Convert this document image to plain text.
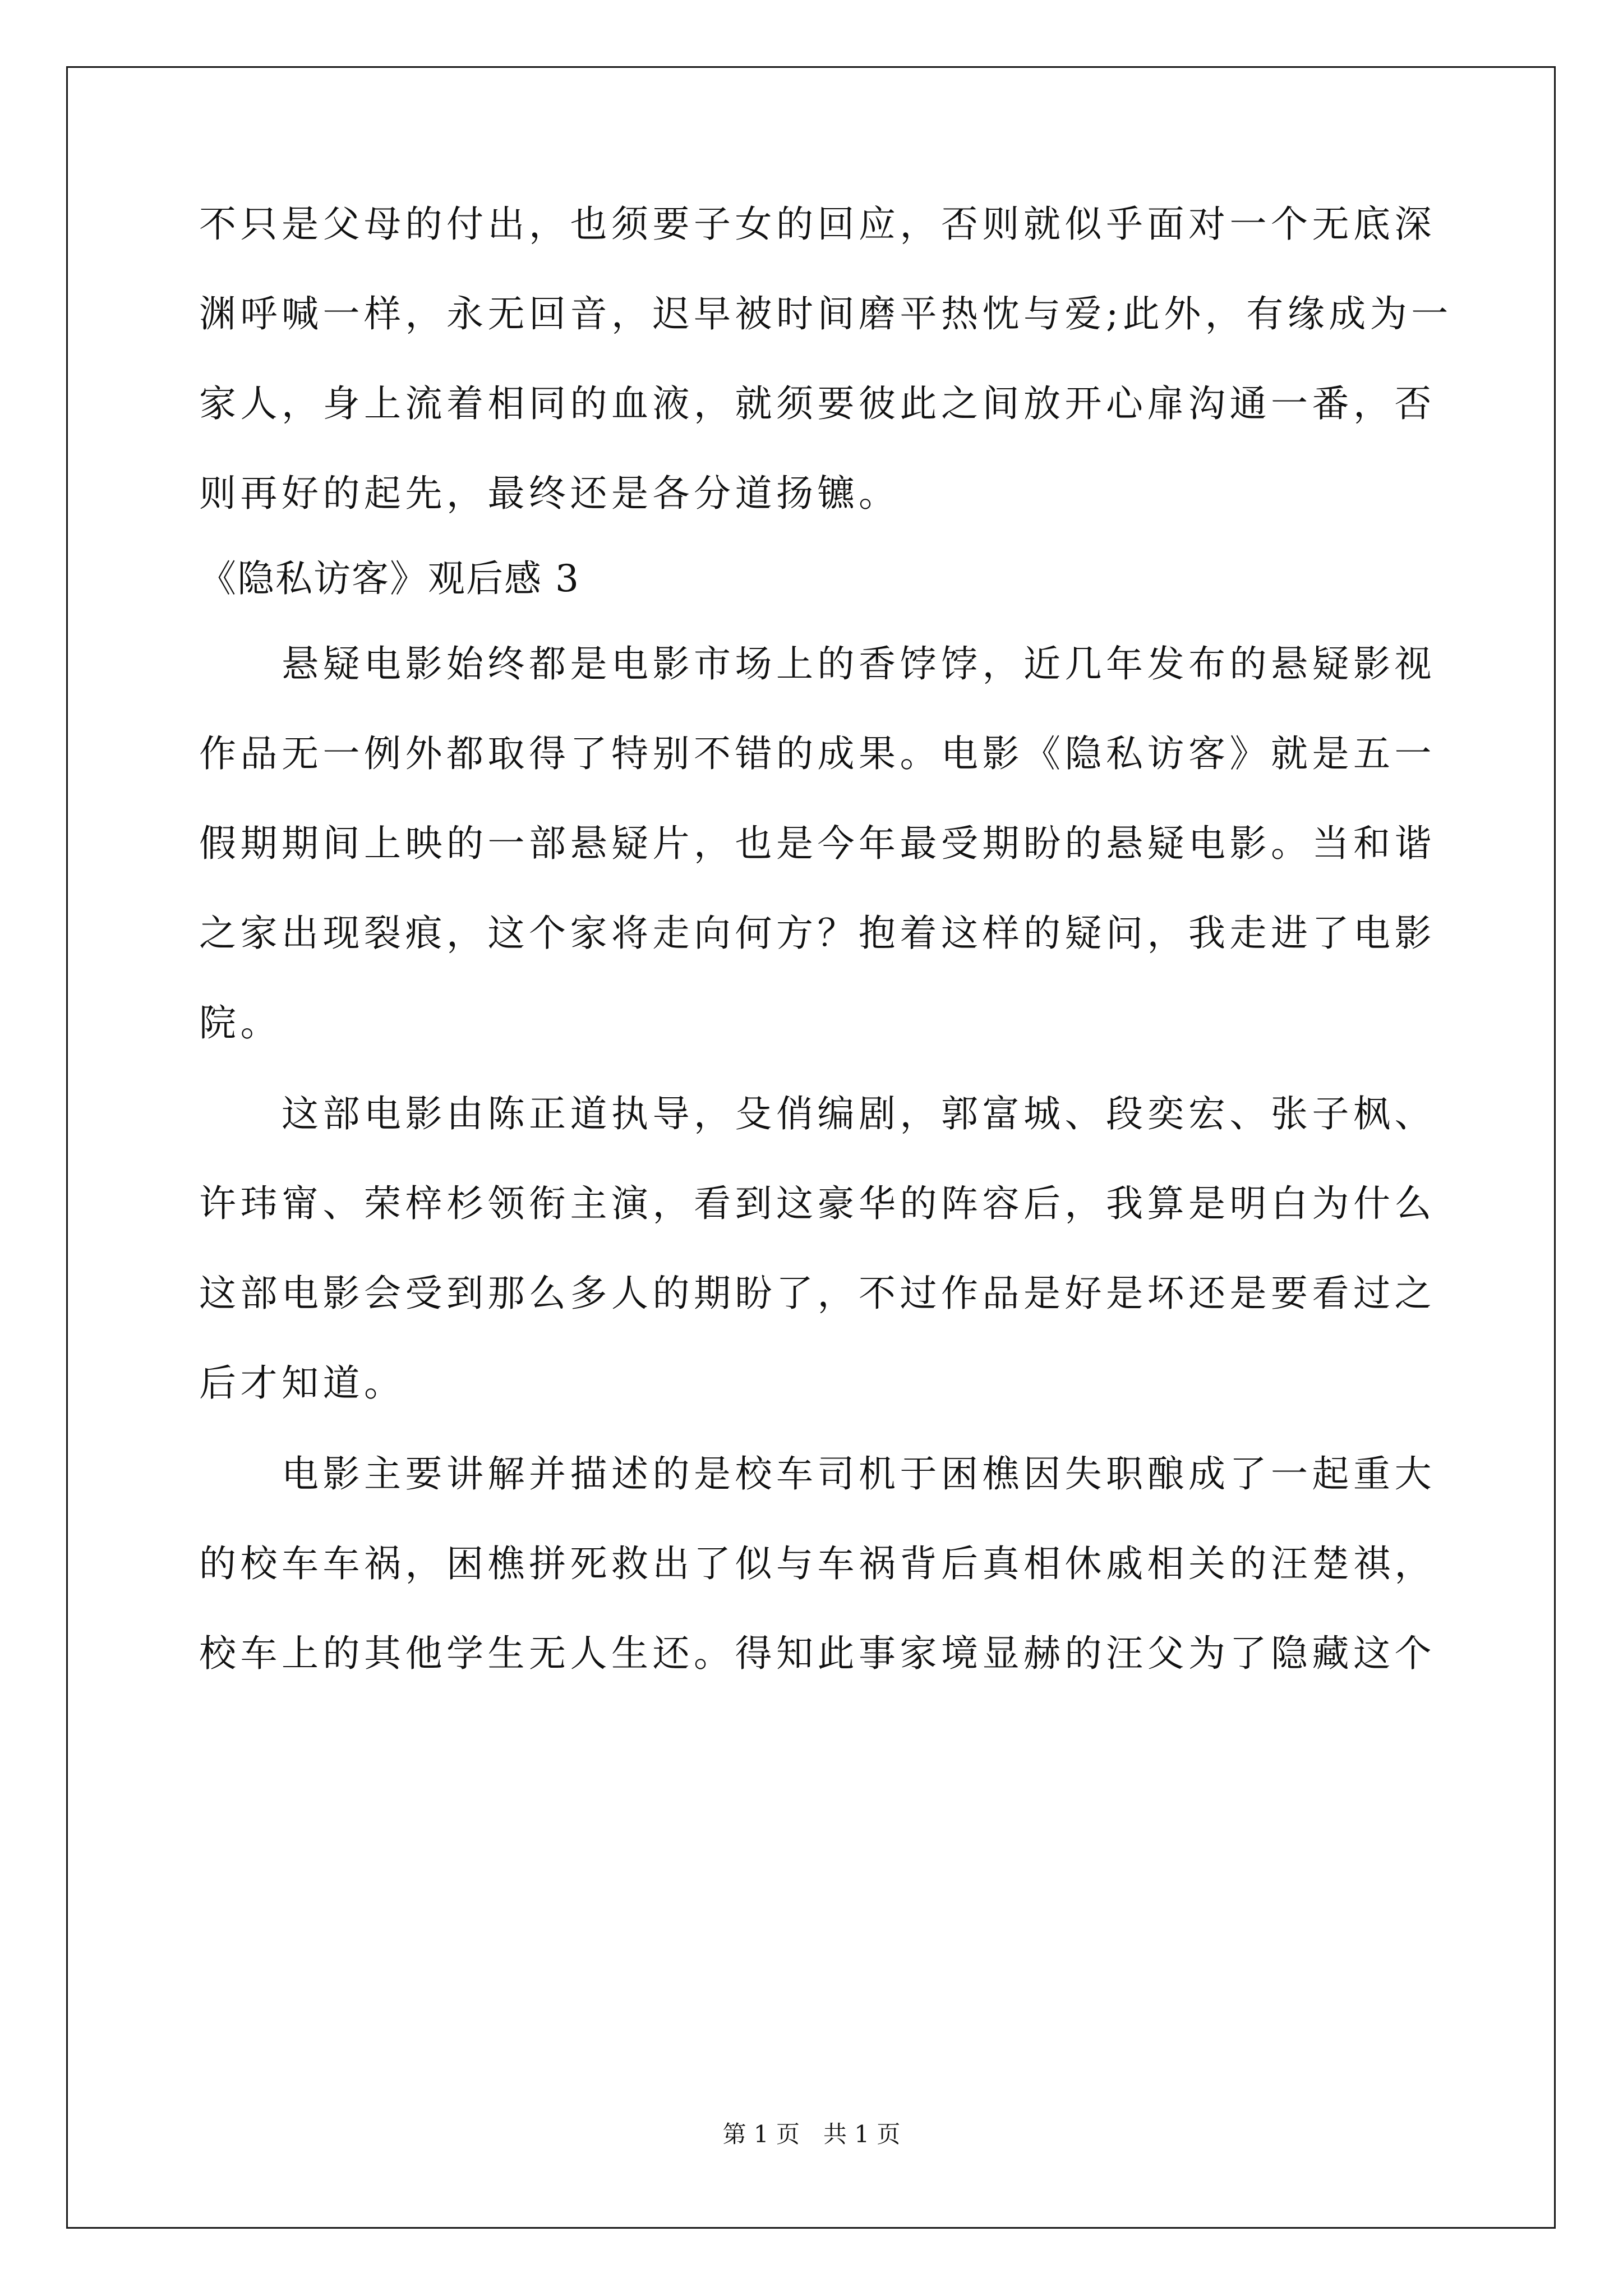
不只是父母的付出，也须要子女的回应，否则就似乎面对一个无底深
渊呼喊一样，永无回音，迟早被时间磨平热忱与爱;此外，有缘成为一
家人，身上流着相同的血液，就须要彼此之间放开心扉沟通一番，否
则再好的起先，最终还是各分道扬镳。
《隐私访客》观后感 3
　　悬疑电影始终都是电影市场上的香饽饽，近几年发布的悬疑影视
作品无一例外都取得了特别不错的成果。电影《隐私访客》就是五一
假期期间上映的一部悬疑片，也是今年最受期盼的悬疑电影。当和谐
之家出现裂痕，这个家将走向何方？抱着这样的疑问，我走进了电影
院。
　　这部电影由陈正道执导，殳俏编剧，郭富城、段奕宏、张子枫、
许玮甯、荣梓杉领衔主演，看到这豪华的阵容后，我算是明白为什么
这部电影会受到那么多人的期盼了，不过作品是好是坏还是要看过之
后才知道。
　　电影主要讲解并描述的是校车司机于困樵因失职酿成了一起重大
的校车车祸，困樵拼死救出了似与车祸背后真相休戚相关的汪楚祺，
校车上的其他学生无人生还。得知此事家境显赫的汪父为了隐藏这个
第 1 页　共 1 页
